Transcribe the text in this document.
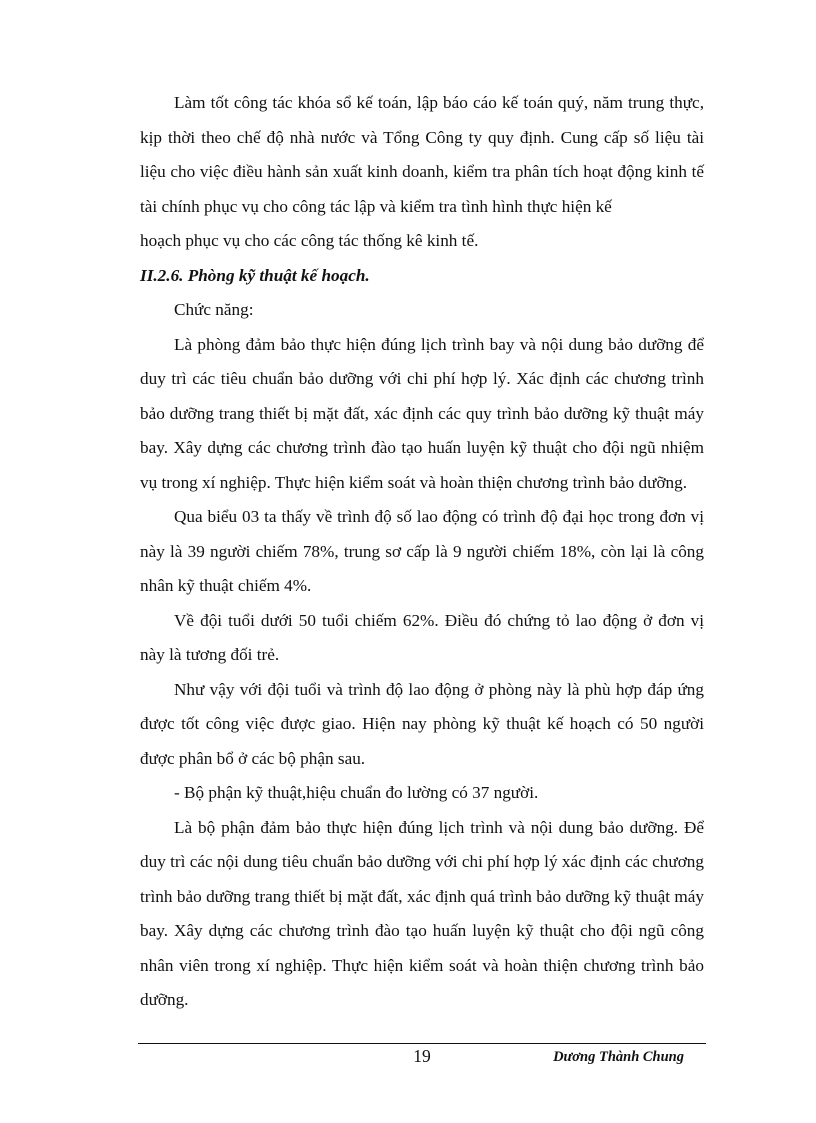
Làm tốt công tác khóa sổ kế toán, lập báo cáo kế toán quý, năm trung thực, kịp thời theo chế độ nhà nước và Tổng Công ty quy định. Cung cấp số liệu tài liệu cho việc điều hành sản xuất kinh doanh, kiểm tra phân tích hoạt động kinh tế tài chính phục vụ cho công tác lập và kiểm tra tình hình thực hiện kế

hoạch phục vụ cho các công tác thống kê kinh tế.

II.2.6. Phòng kỹ thuật kế hoạch.

Chức năng:

Là phòng đảm bảo thực hiện đúng lịch trình bay và nội dung bảo dưỡng để duy trì các tiêu chuẩn bảo dưỡng với chi phí hợp lý. Xác định các chương trình bảo dưỡng trang thiết bị mặt đất, xác định các quy trình bảo dưỡng kỹ thuật máy bay. Xây dựng các chương trình đào tạo huấn luyện kỹ thuật cho đội ngũ nhiệm vụ trong xí nghiệp. Thực hiện kiểm soát và hoàn thiện chương trình bảo dưỡng.

Qua biểu 03 ta thấy về trình độ số lao động có trình độ đại học trong đơn vị này là 39 người chiếm 78%, trung sơ cấp là 9 người chiếm 18%, còn lại là công nhân kỹ thuật chiếm 4%.

Về đội tuổi dưới 50 tuổi chiếm 62%. Điều đó chứng tỏ lao động ở đơn vị này là tương đối trẻ.

Như vậy với đội tuổi và trình độ lao động ở phòng này là phù hợp đáp ứng được tốt công việc được giao. Hiện nay phòng kỹ thuật kế hoạch có 50 người được phân bổ ở các bộ phận sau.

- Bộ phận kỹ thuật,hiệu chuẩn đo lường có 37 người.

Là bộ phận đảm bảo thực hiện đúng lịch trình và nội dung bảo dưỡng. Để duy trì các nội dung tiêu chuẩn bảo dưỡng với chi phí hợp lý xác định các chương trình bảo dưỡng trang thiết bị mặt đất, xác định quá trình bảo dưỡng kỹ thuật máy bay. Xây dựng các chương trình đào tạo huấn luyện kỹ thuật cho đội ngũ công nhân viên trong xí nghiệp. Thực hiện kiểm soát và hoàn thiện chương trình bảo dưỡng.

19	Dương Thành Chung
